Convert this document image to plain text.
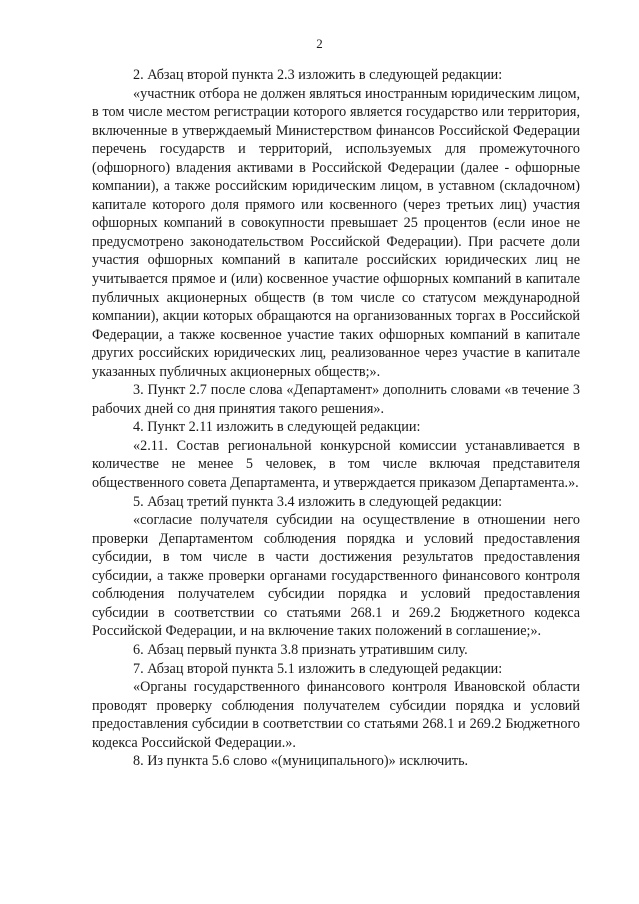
2

2. Абзац второй пункта 2.3 изложить в следующей редакции:

«участник отбора не должен являться иностранным юридическим лицом, в том числе местом регистрации которого является государство или территория, включенные в утверждаемый Министерством финансов Российской Федерации перечень государств и территорий, используемых для промежуточного (офшорного) владения активами в Российской Федерации (далее - офшорные компании), а также российским юридическим лицом, в уставном (складочном) капитале которого доля прямого или косвенного (через третьих лиц) участия офшорных компаний в совокупности превышает 25 процентов (если иное не предусмотрено законодательством Российской Федерации). При расчете доли участия офшорных компаний в капитале российских юридических лиц не учитывается прямое и (или) косвенное участие офшорных компаний в капитале публичных акционерных обществ (в том числе со статусом международной компании), акции которых обращаются на организованных торгах в Российской Федерации, а также косвенное участие таких офшорных компаний в капитале других российских юридических лиц, реализованное через участие в капитале указанных публичных акционерных обществ;».

3. Пункт 2.7 после слова «Департамент» дополнить словами «в течение 3 рабочих дней со дня принятия такого решения».

4. Пункт 2.11 изложить в следующей редакции:

«2.11. Состав региональной конкурсной комиссии устанавливается в количестве не менее 5 человек, в том числе включая представителя общественного совета Департамента, и утверждается приказом Департамента.».

5. Абзац третий пункта 3.4 изложить в следующей редакции:

«согласие получателя субсидии на осуществление в отношении него проверки Департаментом соблюдения порядка и условий предоставления субсидии, в том числе в части достижения результатов предоставления субсидии, а также проверки органами государственного финансового контроля соблюдения получателем субсидии порядка и условий предоставления субсидии в соответствии со статьями 268.1 и 269.2 Бюджетного кодекса Российской Федерации, и на включение таких положений в соглашение;».

6. Абзац первый пункта 3.8 признать утратившим силу.

7. Абзац второй пункта 5.1 изложить в следующей редакции:

«Органы государственного финансового контроля Ивановской области проводят проверку соблюдения получателем субсидии порядка и условий предоставления субсидии в соответствии со статьями 268.1 и 269.2 Бюджетного кодекса Российской Федерации.».

8. Из пункта 5.6 слово «(муниципального)» исключить.
